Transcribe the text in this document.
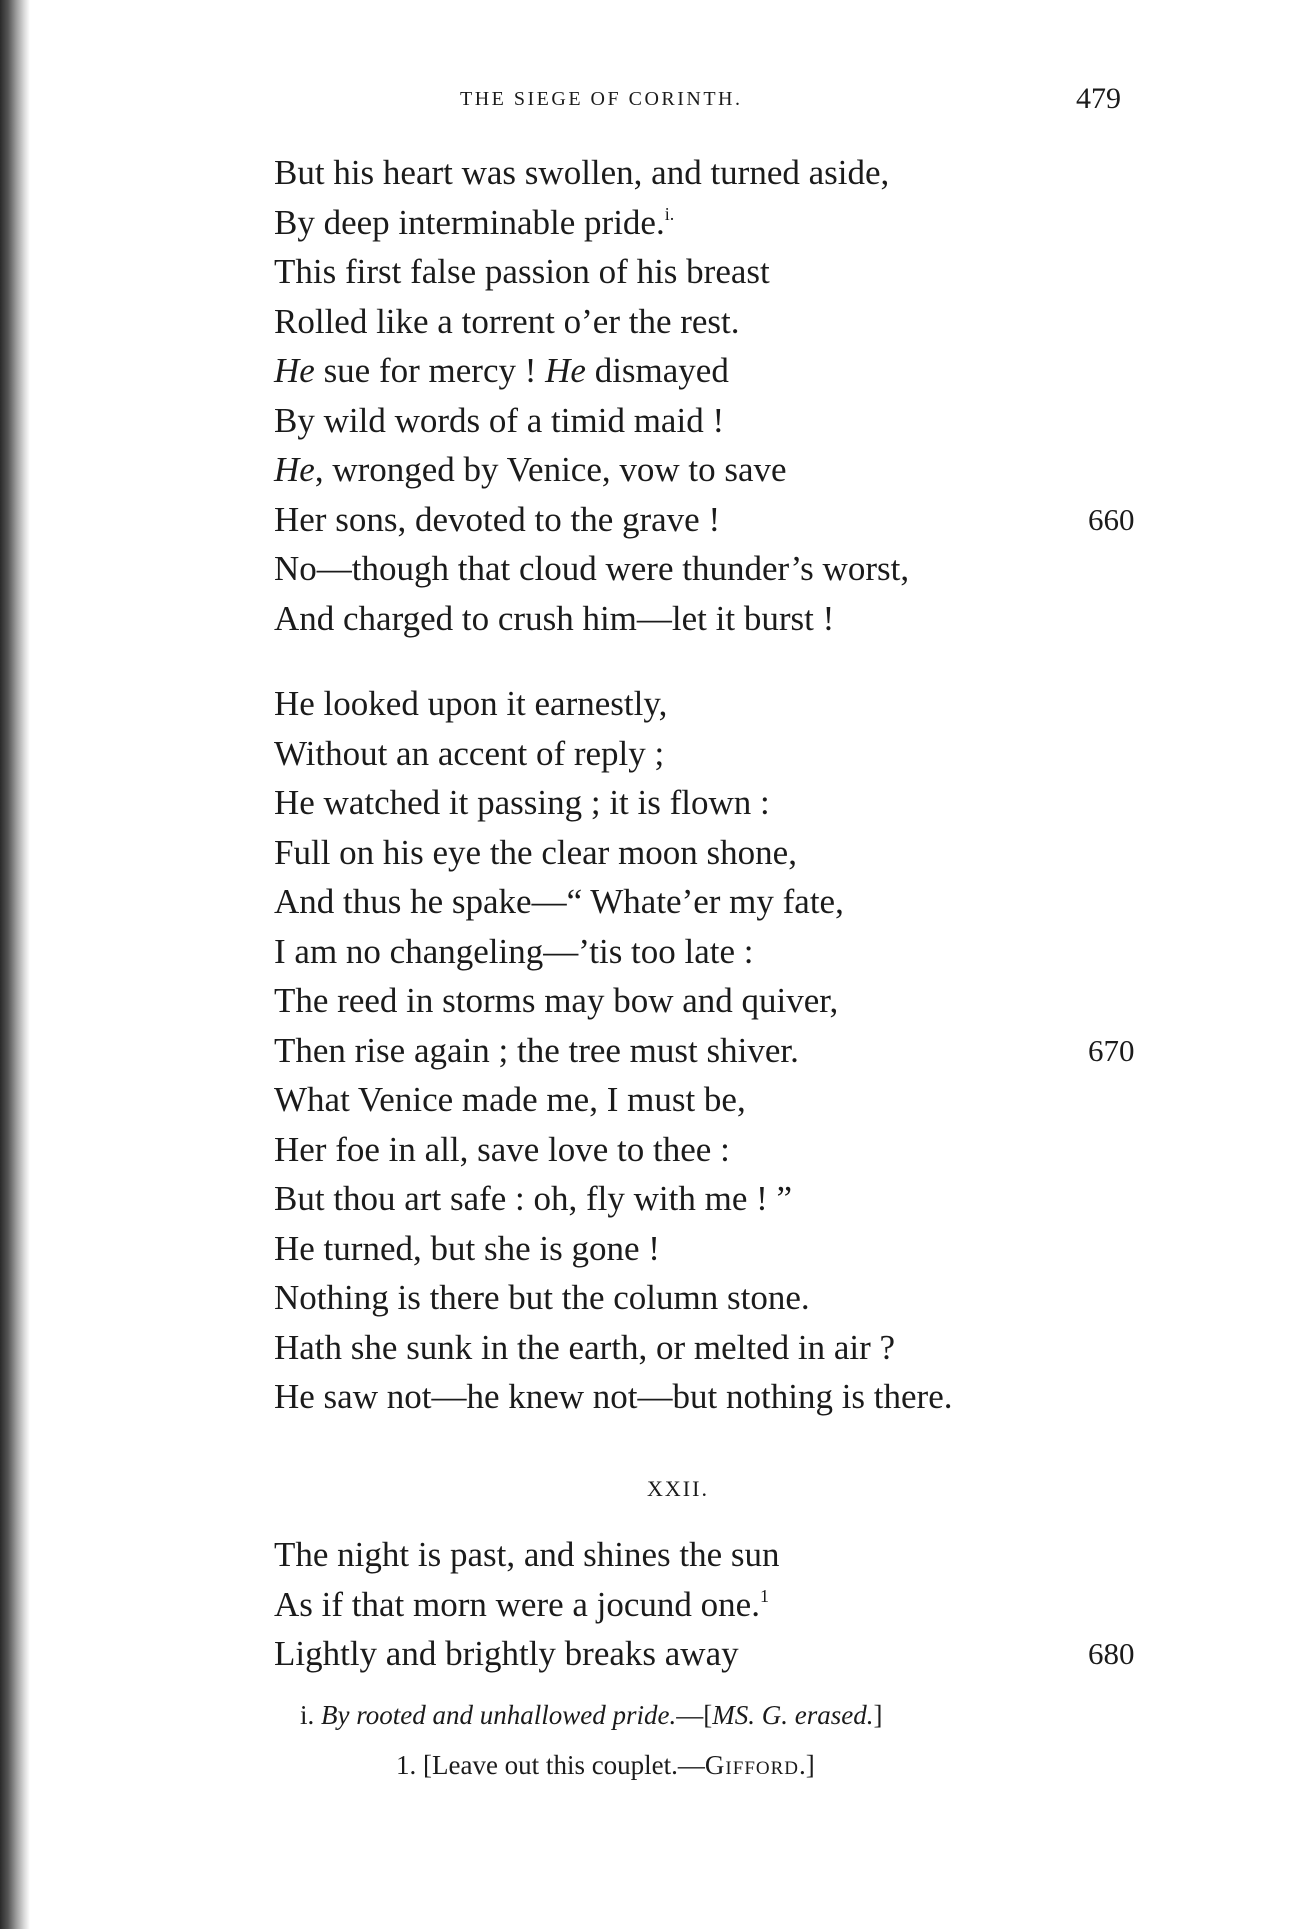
THE SIEGE OF CORINTH.	479
But his heart was swollen, and turned aside,
By deep interminable pride.$^{i.}$
This first false passion of his breast
Rolled like a torrent o’er the rest.
He sue for mercy ! He dismayed
By wild words of a timid maid !
He, wronged by Venice, vow to save
Her sons, devoted to the grave !	660
No—though that cloud were thunder’s worst,
And charged to crush him—let it burst !
He looked upon it earnestly,
Without an accent of reply ;
He watched it passing ; it is flown :
Full on his eye the clear moon shone,
And thus he spake—“ Whate’er my fate,
I am no changeling—’tis too late :
The reed in storms may bow and quiver,
Then rise again ; the tree must shiver.	670
What Venice made me, I must be,
Her foe in all, save love to thee :
But thou art safe : oh, fly with me ! ”
He turned, but she is gone !
Nothing is there but the column stone.
Hath she sunk in the earth, or melted in air ?
He saw not—he knew not—but nothing is there.
XXII.
The night is past, and shines the sun
As if that morn were a jocund one.$^1$
Lightly and brightly breaks away	680
i. By rooted and unhallowed pride.—[MS. G. erased.]
1. [Leave out this couplet.—Gifford.]
